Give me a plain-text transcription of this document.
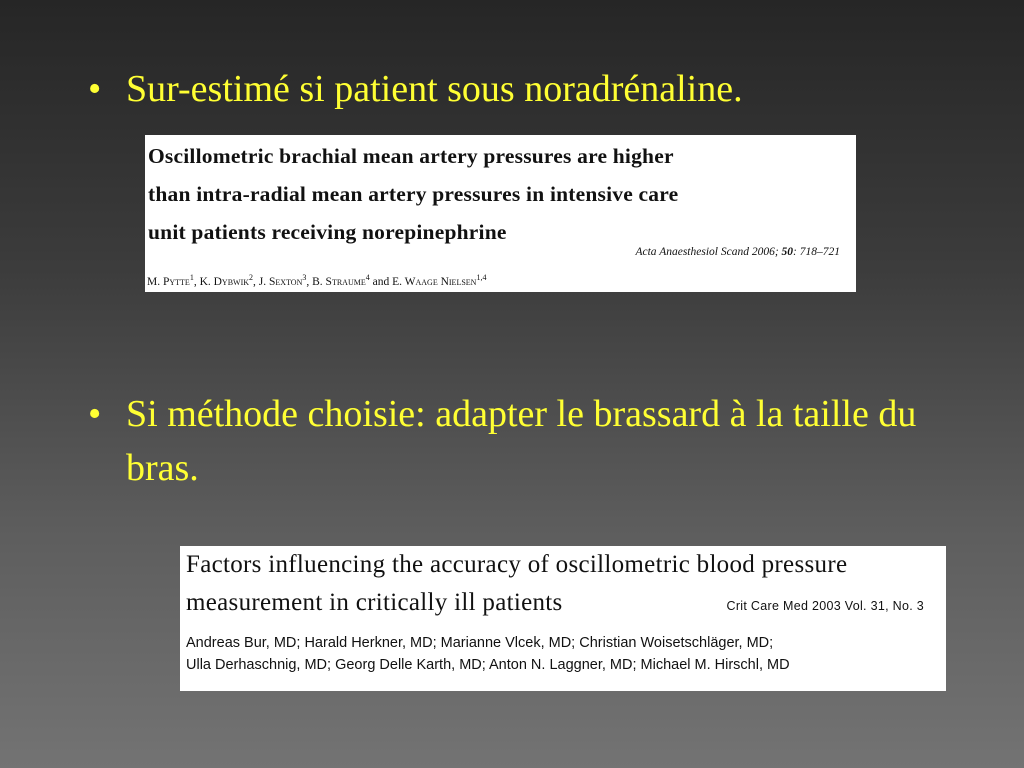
• Sur-estimé si patient sous noradrénaline.

Oscillometric brachial mean artery pressures are higher
than intra-radial mean artery pressures in intensive care
unit patients receiving norepinephrine
Acta Anaesthesiol Scand 2006; 50: 718–721
M. Pytte$^1$, K. Dybwik$^2$, J. Sexton$^3$, B. Straume$^4$ and E. Waage Nielsen$^{1,4}$

• Si méthode choisie: adapter le brassard à la taille du bras.

Factors influencing the accuracy of oscillometric blood pressure
measurement in critically ill patients	Crit Care Med 2003 Vol. 31, No. 3
Andreas Bur, MD; Harald Herkner, MD; Marianne Vlcek, MD; Christian Woisetschläger, MD;
Ulla Derhaschnig, MD; Georg Delle Karth, MD; Anton N. Laggner, MD; Michael M. Hirschl, MD
